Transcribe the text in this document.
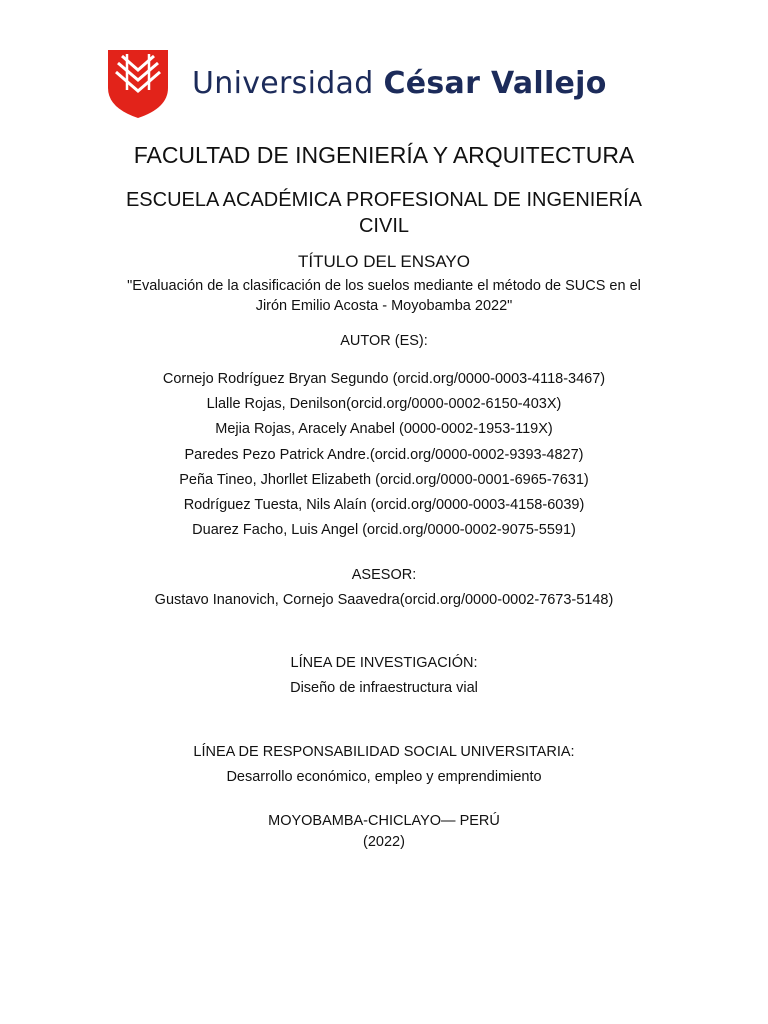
Universidad César Vallejo
FACULTAD DE INGENIERÍA Y ARQUITECTURA
ESCUELA ACADÉMICA PROFESIONAL DE INGENIERÍA
CIVIL
TÍTULO DEL ENSAYO
"Evaluación de la clasificación de los suelos mediante el método de SUCS en el
Jirón Emilio Acosta - Moyobamba 2022"
AUTOR (ES):
Cornejo Rodríguez Bryan Segundo (orcid.org/0000-0003-4118-3467)
Llalle Rojas, Denilson(orcid.org/0000-0002-6150-403X)
Mejia Rojas, Aracely Anabel (0000-0002-1953-119X)
Paredes Pezo Patrick Andre.(orcid.org/0000-0002-9393-4827)
Peña Tineo, Jhorllet Elizabeth (orcid.org/0000-0001-6965-7631)
Rodríguez Tuesta, Nils Alaín (orcid.org/0000-0003-4158-6039)
Duarez Facho, Luis Angel (orcid.org/0000-0002-9075-5591)
ASESOR:
Gustavo Inanovich, Cornejo Saavedra(orcid.org/0000-0002-7673-5148)
LÍNEA DE INVESTIGACIÓN:
Diseño de infraestructura vial
LÍNEA DE RESPONSABILIDAD SOCIAL UNIVERSITARIA:
Desarrollo económico, empleo y emprendimiento
MOYOBAMBA-CHICLAYO— PERÚ
(2022)
